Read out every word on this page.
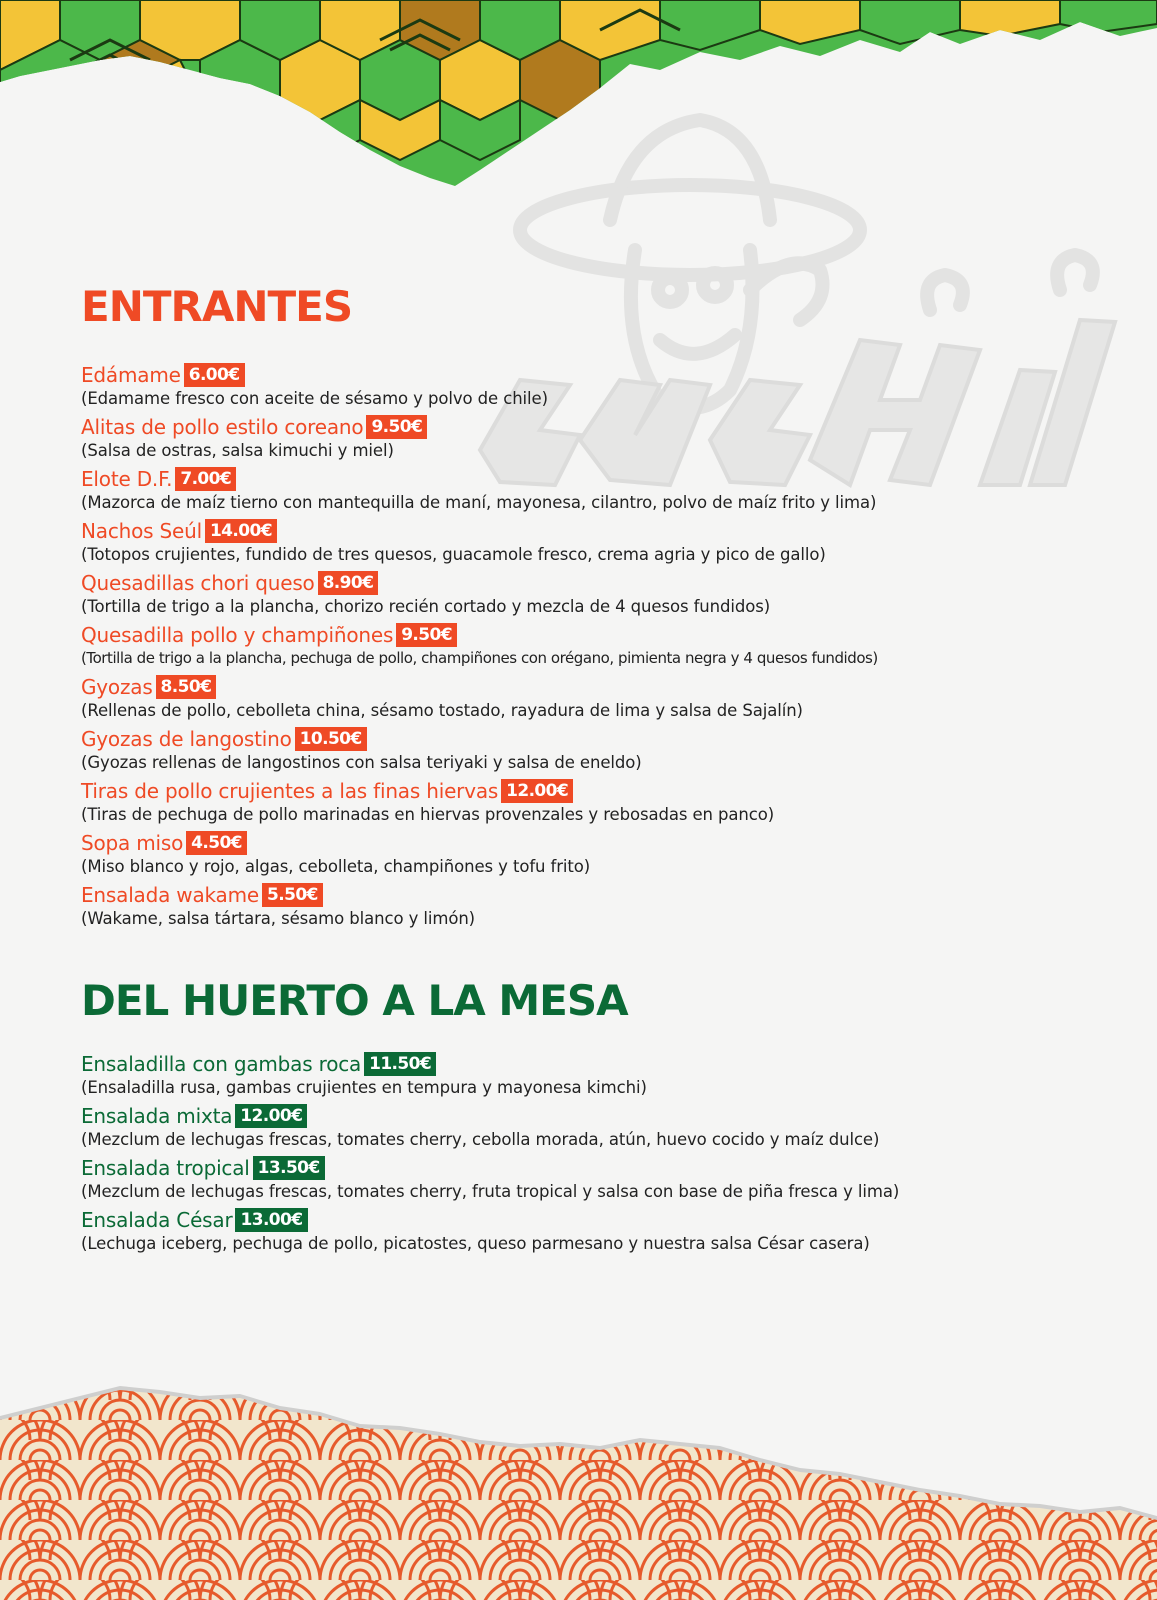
ENTRANTES
Edámame 6.00€
(Edamame fresco con aceite de sésamo y polvo de chile)
Alitas de pollo estilo coreano 9.50€
(Salsa de ostras, salsa kimuchi y miel)
Elote D.F. 7.00€
(Mazorca de maíz tierno con mantequilla de maní, mayonesa, cilantro, polvo de maíz frito y lima)
Nachos Seúl 14.00€
(Totopos crujientes, fundido de tres quesos, guacamole fresco, crema agria y pico de gallo)
Quesadillas chori queso 8.90€
(Tortilla de trigo a la plancha, chorizo recién cortado y mezcla de 4 quesos fundidos)
Quesadilla pollo y champiñones 9.50€
(Tortilla de trigo a la plancha, pechuga de pollo, champiñones con orégano, pimienta negra y 4 quesos fundidos)
Gyozas 8.50€
(Rellenas de pollo, cebolleta china, sésamo tostado, rayadura de lima y salsa de Sajalín)
Gyozas de langostino 10.50€
(Gyozas rellenas de langostinos con salsa teriyaki y salsa de eneldo)
Tiras de pollo crujientes a las finas hiervas 12.00€
(Tiras de pechuga de pollo marinadas en hiervas provenzales y rebosadas en panco)
Sopa miso 4.50€
(Miso blanco y rojo, algas, cebolleta, champiñones y tofu frito)
Ensalada wakame 5.50€
(Wakame, salsa tártara, sésamo blanco y limón)
DEL HUERTO A LA MESA
Ensaladilla con gambas roca 11.50€
(Ensaladilla rusa, gambas crujientes en tempura y mayonesa kimchi)
Ensalada mixta 12.00€
(Mezclum de lechugas frescas, tomates cherry, cebolla morada, atún, huevo cocido y maíz dulce)
Ensalada tropical 13.50€
(Mezclum de lechugas frescas, tomates cherry, fruta tropical y salsa con base de piña fresca y lima)
Ensalada César 13.00€
(Lechuga iceberg, pechuga de pollo, picatostes, queso parmesano y nuestra salsa César casera)
